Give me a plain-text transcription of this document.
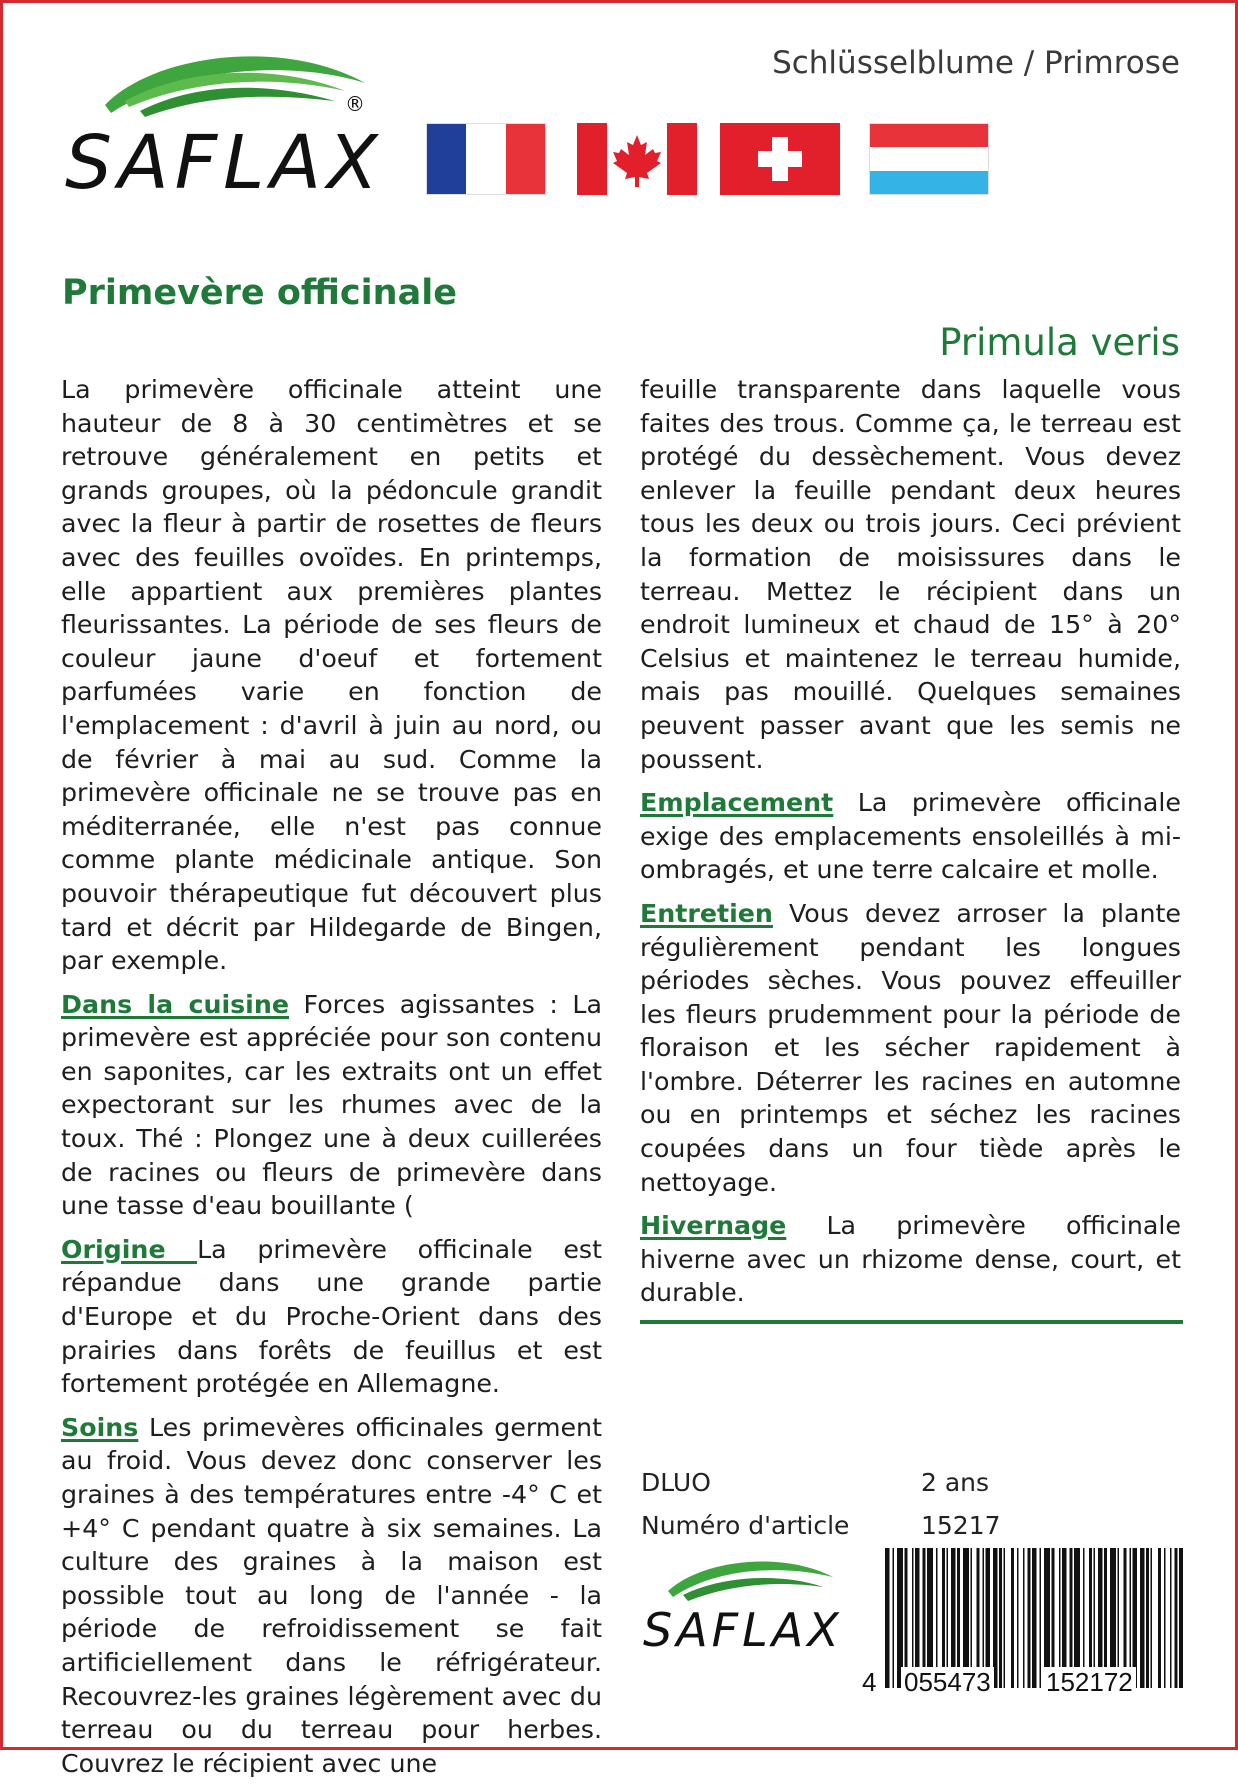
Schlüsselblume / Primrose
SAFLAX
®
Primevère officinale
Primula veris

La primevère officinale atteint une hauteur de 8 à 30 centimètres et se retrouve généralement en petits et grands groupes, où la pédoncule grandit avec la fleur à partir de rosettes de fleurs avec des feuilles ovoïdes. En printemps, elle appartient aux premières plantes fleurissantes. La période de ses fleurs de couleur jaune d'oeuf et fortement parfumées varie en fonction de l'emplacement : d'avril à juin au nord, ou de février à mai au sud. Comme la primevère officinale ne se trouve pas en méditerranée, elle n'est pas connue comme plante médicinale antique. Son pouvoir thérapeutique fut découvert plus tard et décrit par Hildegarde de Bingen, par exemple.

Dans la cuisine Forces agissantes : La primevère est appréciée pour son contenu en saponites, car les extraits ont un effet expectorant sur les rhumes avec de la toux. Thé : Plongez une à deux cuillerées de racines ou fleurs de primevère dans une tasse d'eau bouillante (

Origine La primevère officinale est répandue dans une grande partie d'Europe et du Proche-Orient dans des prairies dans forêts de feuillus et est fortement protégée en Allemagne.

Soins Les primevères officinales germent au froid. Vous devez donc conserver les graines à des températures entre -4° C et +4° C pendant quatre à six semaines. La culture des graines à la maison est possible tout au long de l'année - la période de refroidissement se fait artificiellement dans le réfrigérateur. Recouvrez-les graines légèrement avec du terreau ou du terreau pour herbes. Couvrez le récipient avec une

feuille transparente dans laquelle vous faites des trous. Comme ça, le terreau est protégé du dessèchement. Vous devez enlever la feuille pendant deux heures tous les deux ou trois jours. Ceci prévient la formation de moisissures dans le terreau. Mettez le récipient dans un endroit lumineux et chaud de 15° à 20° Celsius et maintenez le terreau humide, mais pas mouillé. Quelques semaines peuvent passer avant que les semis ne poussent.

Emplacement La primevère officinale exige des emplacements ensoleillés à mi-ombragés, et une terre calcaire et molle.

Entretien Vous devez arroser la plante régulièrement pendant les longues périodes sèches. Vous pouvez effeuiller les fleurs prudemment pour la période de floraison et les sécher rapidement à l'ombre. Déterrer les racines en automne ou en printemps et séchez les racines coupées dans un four tiède après le nettoyage.

Hivernage La primevère officinale hiverne avec un rhizome dense, court, et durable.

DLUO	2 ans
Numéro d'article	15217
SAFLAX
4 055473 152172
